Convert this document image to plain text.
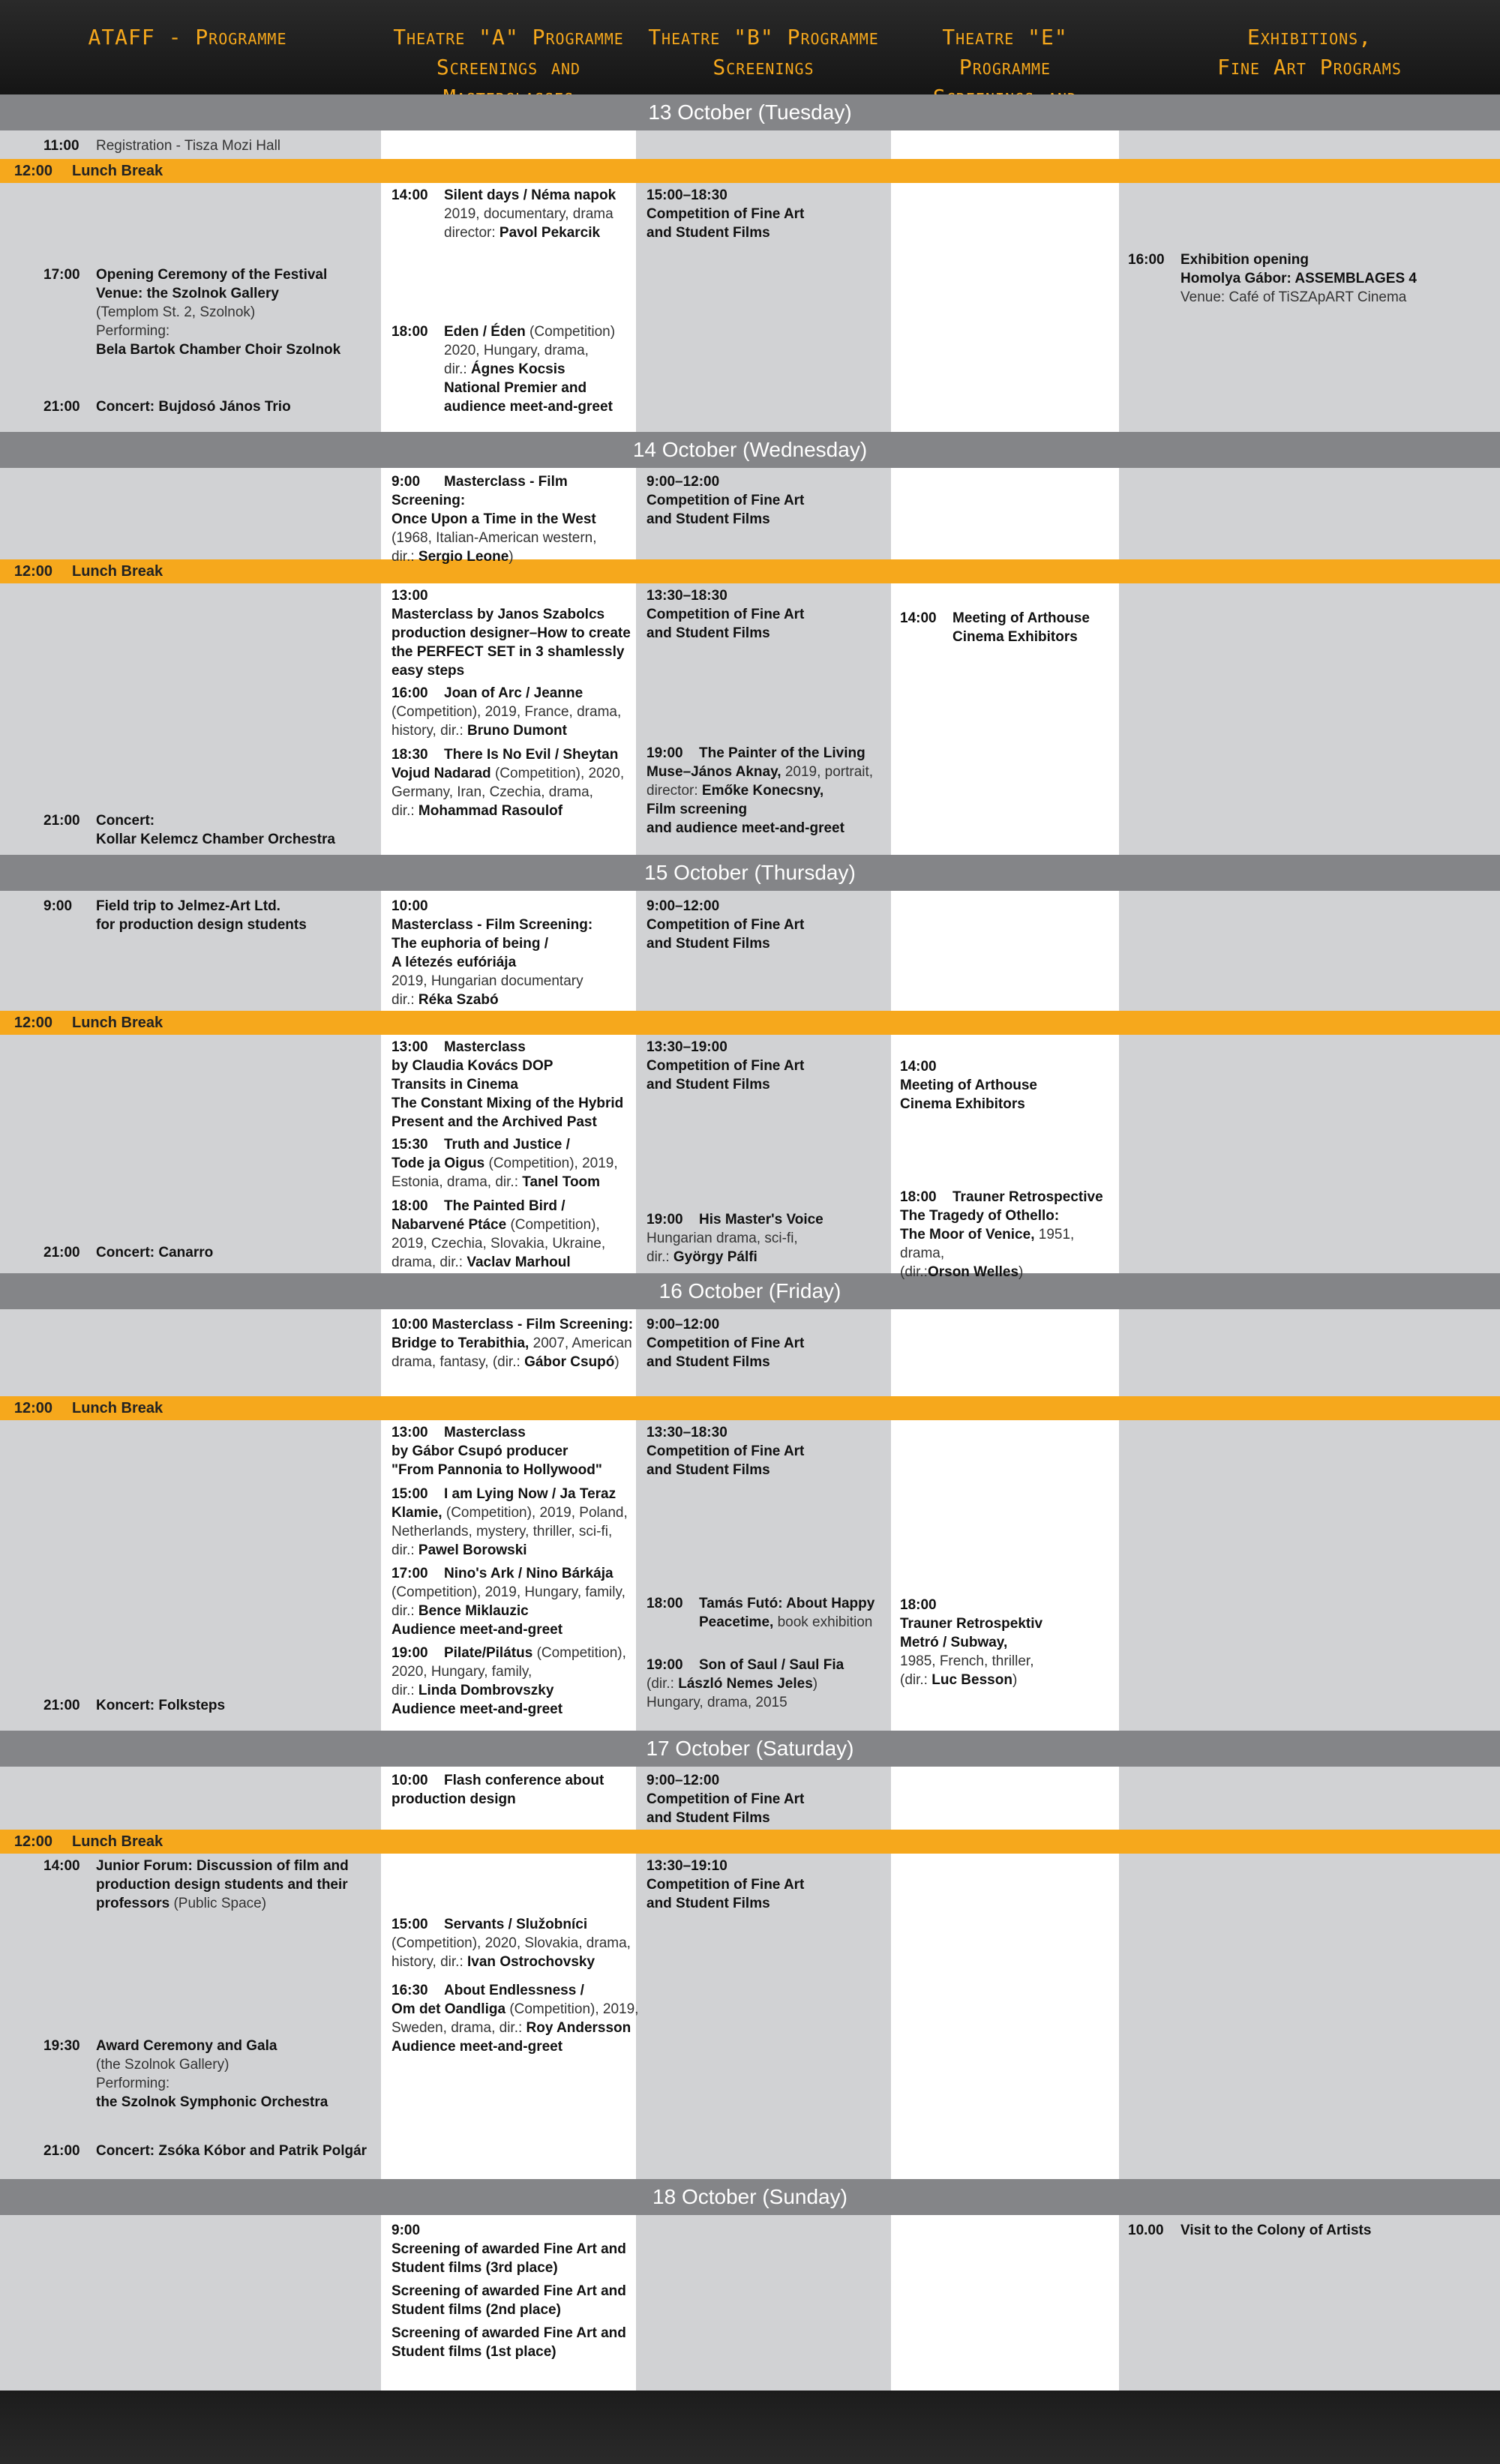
ATAFF - Programme	Theatre "A" Programme
Screenings and
Theatre "B" Programme
Screenings
Theatre "E" Programme
Exhibitions,
Fine Art Programs
13 October (Tuesday)
14 October (Wednesday)
15 October (Thursday)
16 October (Friday)
17 October (Saturday)
18 October (Sunday)
12:00 Lunch Break
12:00 Lunch Break
12:00 Lunch Break
12:00 Lunch Break
12:00 Lunch Break
11:00 Registration - Tisza Mozi Hall
17:00 Opening Ceremony of the Festival
Venue: the Szolnok Gallery
(Templom St. 2, Szolnok)
Performing:
Bela Bartok Chamber Choir Szolnok
21:00 Concert: Bujdosó János Trio
14:00 Silent days / Néma napok
2019, documentary, drama
director: Pavol Pekarcik
18:00 Eden / Éden (Competition)
2020, Hungary, drama,
dir.: Ágnes Kocsis
National Premier and
audience meet-and-greet
15:00–18:30
Competition of Fine Art
and Student Films
16:00 Exhibition opening
Homolya Gábor: ASSEMBLAGES 4
Venue: Café of TiSZApART Cinema
9:00 Masterclass - Film Screening:
Once Upon a Time in the West
(1968, Italian-American western,
dir.: Sergio Leone)
9:00–12:00
Competition of Fine Art
and Student Films
13:00
Masterclass by Janos Szabolcs
production designer–How to create
the PERFECT SET in 3 shamlessly
easy steps
16:00 Joan of Arc / Jeanne
(Competition), 2019, France, drama,
history, dir.: Bruno Dumont
18:30 There Is No Evil / Sheytan
Vojud Nadarad (Competition), 2020,
Germany, Iran, Czechia, drama,
dir.: Mohammad Rasoulof
13:30–18:30
Competition of Fine Art
and Student Films
19:00 The Painter of the Living
Muse–János Aknay, 2019, portrait,
director: Emőke Konecsny,
Film screening
and audience meet-and-greet
14:00 Meeting of Arthouse
Cinema Exhibitors
21:00 Concert:
Kollar Kelemcz Chamber Orchestra
9:00 Field trip to Jelmez-Art Ltd.
for production design students
10:00
Masterclass - Film Screening:
The euphoria of being /
A létezés eufóriája
2019, Hungarian documentary
dir.: Réka Szabó
9:00–12:00
Competition of Fine Art
and Student Films
13:00 Masterclass
by Claudia Kovács DOP
Transits in Cinema
The Constant Mixing of the Hybrid
Present and the Archived Past
15:30 Truth and Justice /
Tode ja Oigus (Competition), 2019,
Estonia, drama, dir.: Tanel Toom
18:00 The Painted Bird /
Nabarvené Ptáce (Competition),
2019, Czechia, Slovakia, Ukraine,
drama, dir.: Vaclav Marhoul
13:30–19:00
Competition of Fine Art
and Student Films
19:00 His Master's Voice
Hungarian drama, sci-fi,
dir.: György Pálfi
14:00
Meeting of Arthouse
Cinema Exhibitors
18:00 Trauner Retrospective
The Tragedy of Othello:
The Moor of Venice, 1951, drama,
(dir.:Orson Welles)
21:00 Concert: Canarro
10:00 Masterclass - Film Screening:
Bridge to Terabithia, 2007, American
drama, fantasy, (dir.: Gábor Csupó)
9:00–12:00
Competition of Fine Art
and Student Films
13:00 Masterclass
by Gábor Csupó producer
"From Pannonia to Hollywood"
15:00 I am Lying Now / Ja Teraz
Klamie, (Competition), 2019, Poland,
Netherlands, mystery, thriller, sci-fi,
dir.: Pawel Borowski
17:00 Nino's Ark / Nino Bárkája
(Competition), 2019, Hungary, family,
dir.: Bence Miklauzic
Audience meet-and-greet
19:00 Pilate/Pilátus (Competition),
2020, Hungary, family,
dir.: Linda Dombrovszky
Audience meet-and-greet
13:30–18:30
Competition of Fine Art
and Student Films
18:00 Tamás Futó: About Happy
Peacetime, book exhibition
19:00 Son of Saul / Saul Fia
(dir.: László Nemes Jeles)
Hungary, drama, 2015
18:00
Trauner Retrospektiv
Metró / Subway,
1985, French, thriller,
(dir.: Luc Besson)
21:00 Koncert: Folksteps
10:00 Flash conference about
production design
9:00–12:00
Competition of Fine Art
and Student Films
14:00 Junior Forum: Discussion of film and
production design students and their
professors (Public Space)
13:30–19:10
Competition of Fine Art
and Student Films
15:00 Servants / Služobníci
(Competition), 2020, Slovakia, drama,
history, dir.: Ivan Ostrochovsky
16:30 About Endlessness /
Om det Oandliga (Competition), 2019,
Sweden, drama, dir.: Roy Andersson
Audience meet-and-greet
19:30 Award Ceremony and Gala
(the Szolnok Gallery)
Performing:
the Szolnok Symphonic Orchestra
21:00 Concert: Zsóka Kóbor and Patrik Polgár
9:00
Screening of awarded Fine Art and
Student films (3rd place)

Screening of awarded Fine Art and
Student films (2nd place)

Screening of awarded Fine Art and
Student films (1st place)
10.00 Visit to the Colony of Artists
